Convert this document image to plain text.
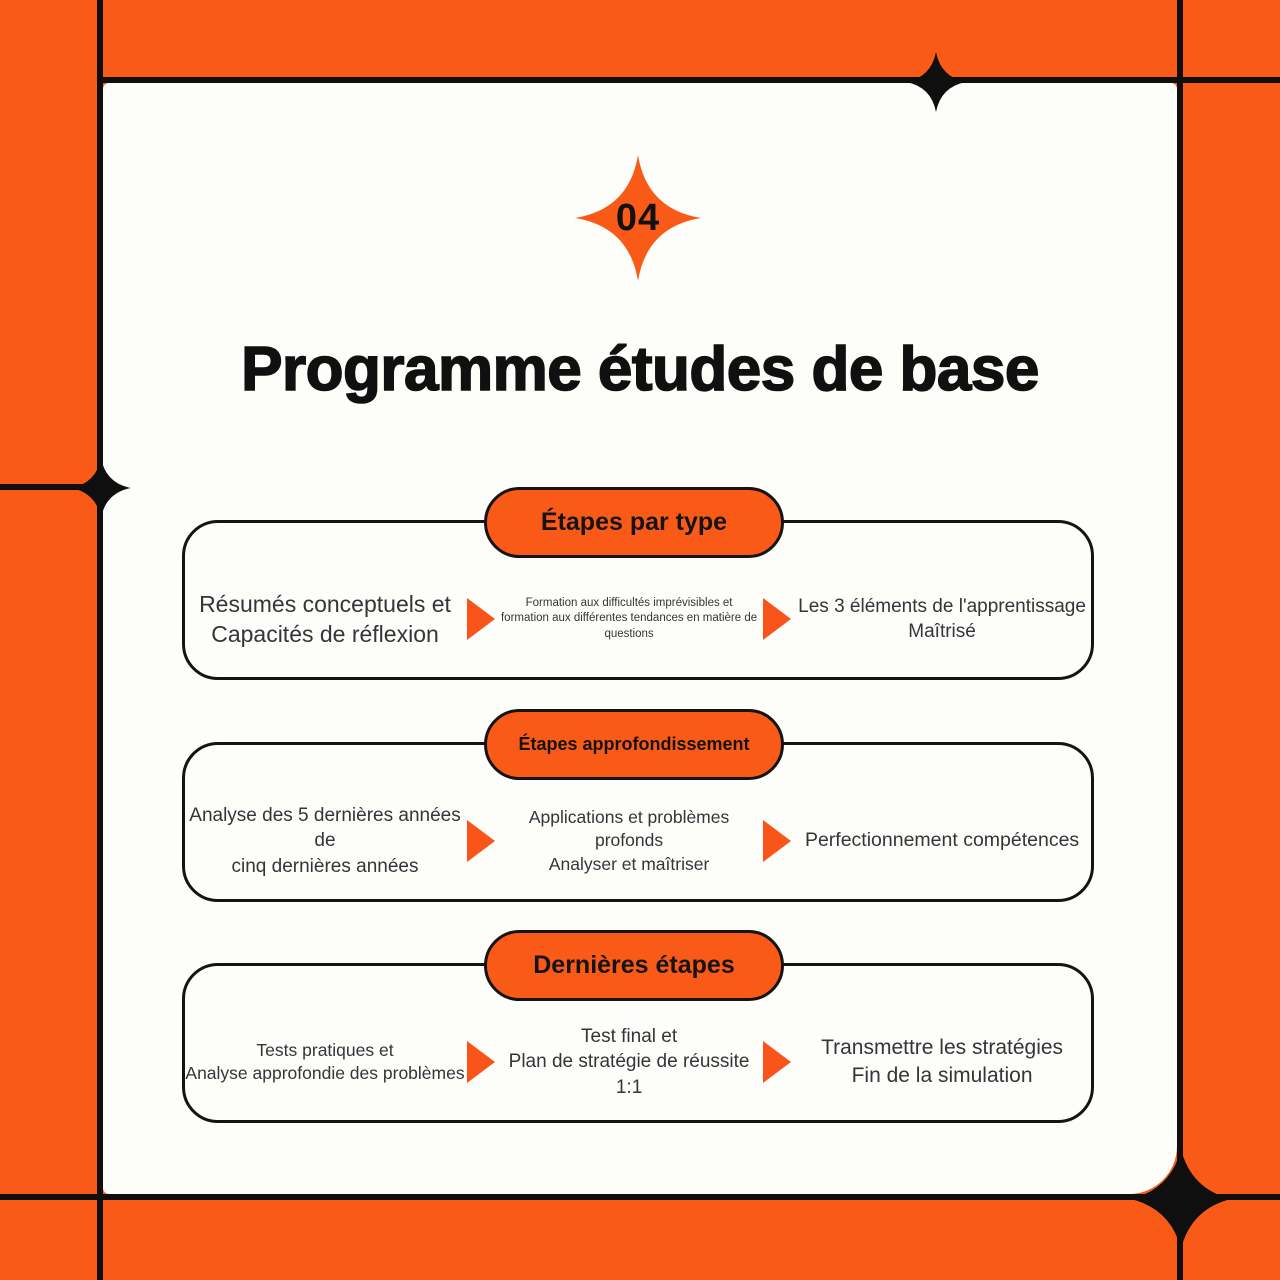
04
Programme études de base
Étapes par type
Résumés conceptuels et
Capacités de réflexion
Formation aux difficultés imprévisibles et
formation aux différentes tendances en matière de questions
Les 3 éléments de l'apprentissage
Maîtrisé
Étapes approfondissement
Analyse des 5 dernières années de
cinq dernières années
Applications et problèmes profonds
Analyser et maîtriser
Perfectionnement compétences
Dernières étapes
Tests pratiques et
Analyse approfondie des problèmes
Test final et
Plan de stratégie de réussite 1:1
Transmettre les stratégies
Fin de la simulation
